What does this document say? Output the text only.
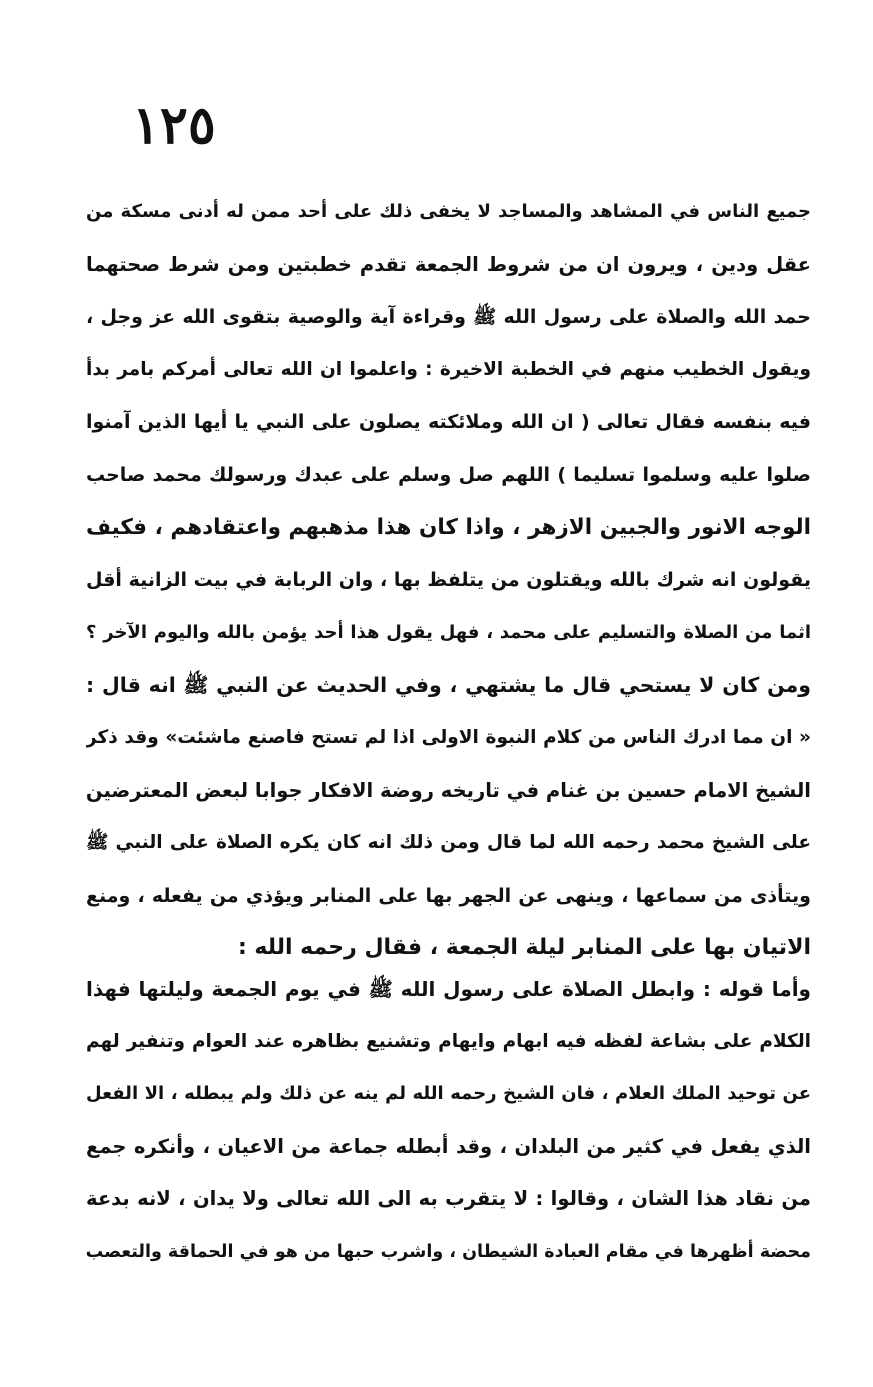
١٢٥
جميع الناس في المشاهد والمساجد لا يخفى ذلك على أحد ممن له أدنى مسكة من
عقل ودين ، ويرون ان من شروط الجمعة تقدم خطبتين ومن شرط صحتهما
حمد الله والصلاة على رسول الله ﷺ وقراءة آية والوصية بتقوى الله عز وجل ،
ويقول الخطيب منهم في الخطبة الاخيرة : واعلموا ان الله تعالى أمركم بامر بدأ
فيه بنفسه فقال تعالى ( ان الله وملائكته يصلون على النبي يا أيها الذين آمنوا
صلوا عليه وسلموا تسليما ) اللهم صل وسلم على عبدك ورسولك محمد صاحب
الوجه الانور والجبين الازهر ، واذا كان هذا مذهبهم واعتقادهم ، فكيف
يقولون انه شرك بالله ويقتلون من يتلفظ بها ، وان الربابة في بيت الزانية أقل
اثما من الصلاة والتسليم على محمد ، فهل يقول هذا أحد يؤمن بالله واليوم الآخر ؟
ومن كان لا يستحي قال ما يشتهي ، وفي الحديث عن النبي ﷺ انه قال :
« ان مما ادرك الناس من كلام النبوة الاولى اذا لم تستح فاصنع ماشئت» وقد ذكر
الشيخ الامام حسين بن غنام في تاريخه روضة الافكار جوابا لبعض المعترضين
على الشيخ محمد رحمه الله لما قال ومن ذلك انه كان يكره الصلاة على النبي ﷺ
ويتأذى من سماعها ، وينهى عن الجهر بها على المنابر ويؤذي من يفعله ، ومنع
الاتيان بها على المنابر ليلة الجمعة ، فقال رحمه الله :
وأما قوله : وابطل الصلاة على رسول الله ﷺ في يوم الجمعة وليلتها فهذا
الكلام على بشاعة لفظه فيه ابهام وايهام وتشنيع بظاهره عند العوام وتنفير لهم
عن توحيد الملك العلام ، فان الشيخ رحمه الله لم ينه عن ذلك ولم يبطله ، الا الفعل
الذي يفعل في كثير من البلدان ، وقد أبطله جماعة من الاعيان ، وأنكره جمع
من نقاد هذا الشان ، وقالوا : لا يتقرب به الى الله تعالى ولا يدان ، لانه بدعة
محضة أظهرها في مقام العبادة الشيطان ، واشرب حبها من هو في الحماقة والتعصب
